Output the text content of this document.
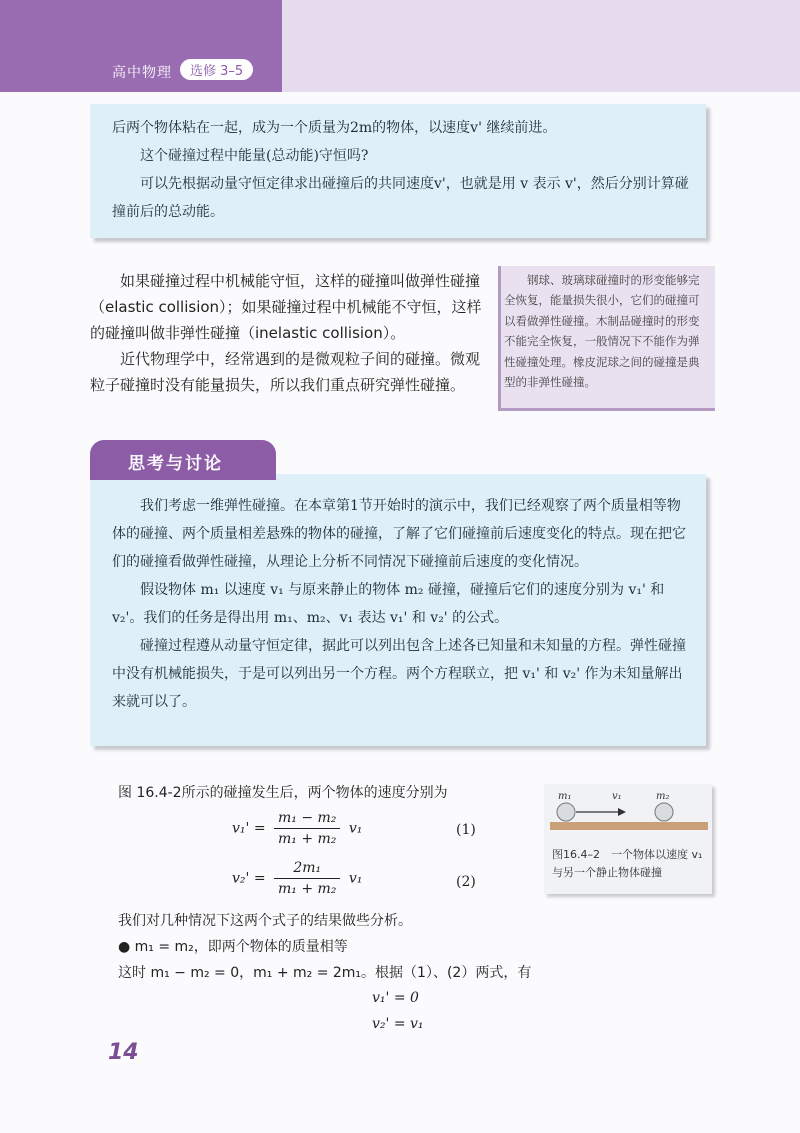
高中物理	选修 3–5

后两个物体粘在一起，成为一个质量为2m的物体，以速度v' 继续前进。

这个碰撞过程中能量(总动能)守恒吗?

可以先根据动量守恒定律求出碰撞后的共同速度v'，也就是用 v 表示 v'，然后分别计算碰撞前后的总动能。

如果碰撞过程中机械能守恒，这样的碰撞叫做弹性碰撞（elastic collision）；如果碰撞过程中机械能不守恒，这样的碰撞叫做非弹性碰撞（inelastic collision）。

近代物理学中，经常遇到的是微观粒子间的碰撞。微观粒子碰撞时没有能量损失，所以我们重点研究弹性碰撞。

钢球、玻璃球碰撞时的形变能够完全恢复，能量损失很小，它们的碰撞可以看做弹性碰撞。木制品碰撞时的形变不能完全恢复，一般情况下不能作为弹性碰撞处理。橡皮泥球之间的碰撞是典型的非弹性碰撞。
思考与讨论

我们考虑一维弹性碰撞。在本章第1节开始时的演示中，我们已经观察了两个质量相等物体的碰撞、两个质量相差悬殊的物体的碰撞，了解了它们碰撞前后速度变化的特点。现在把它们的碰撞看做弹性碰撞，从理论上分析不同情况下碰撞前后速度的变化情况。

假设物体 m₁ 以速度 v₁ 与原来静止的物体 m₂ 碰撞，碰撞后它们的速度分别为 v₁' 和 v₂'。我们的任务是得出用 m₁、m₂、v₁ 表达 v₁' 和 v₂' 的公式。

碰撞过程遵从动量守恒定律，据此可以列出包含上述各已知量和未知量的方程。弹性碰撞中没有机械能损失，于是可以列出另一个方程。两个方程联立，把 v₁' 和 v₂' 作为未知量解出来就可以了。

图 16.4-2所示的碰撞发生后，两个物体的速度分别为
$v_1' = \frac{\text{m₁ − m₂}}{\text{m₁ + m₂}} v_1$	(1)
$v_2' = \frac{\text{2m₁}}{\text{m₁ + m₂}} v_1$	(2)
我们对几种情况下这两个式子的结果做些分析。
● m₁ = m₂，即两个物体的质量相等
这时 m₁ − m₂ = 0，m₁ + m₂ = 2m₁。根据（1）、(2）两式，有
v₁' = 0
v₂' = v₁
m₁	v₁	m₂
图16.4–2　一个物体以速度 v₁ 与另一个静止物体碰撞
14
